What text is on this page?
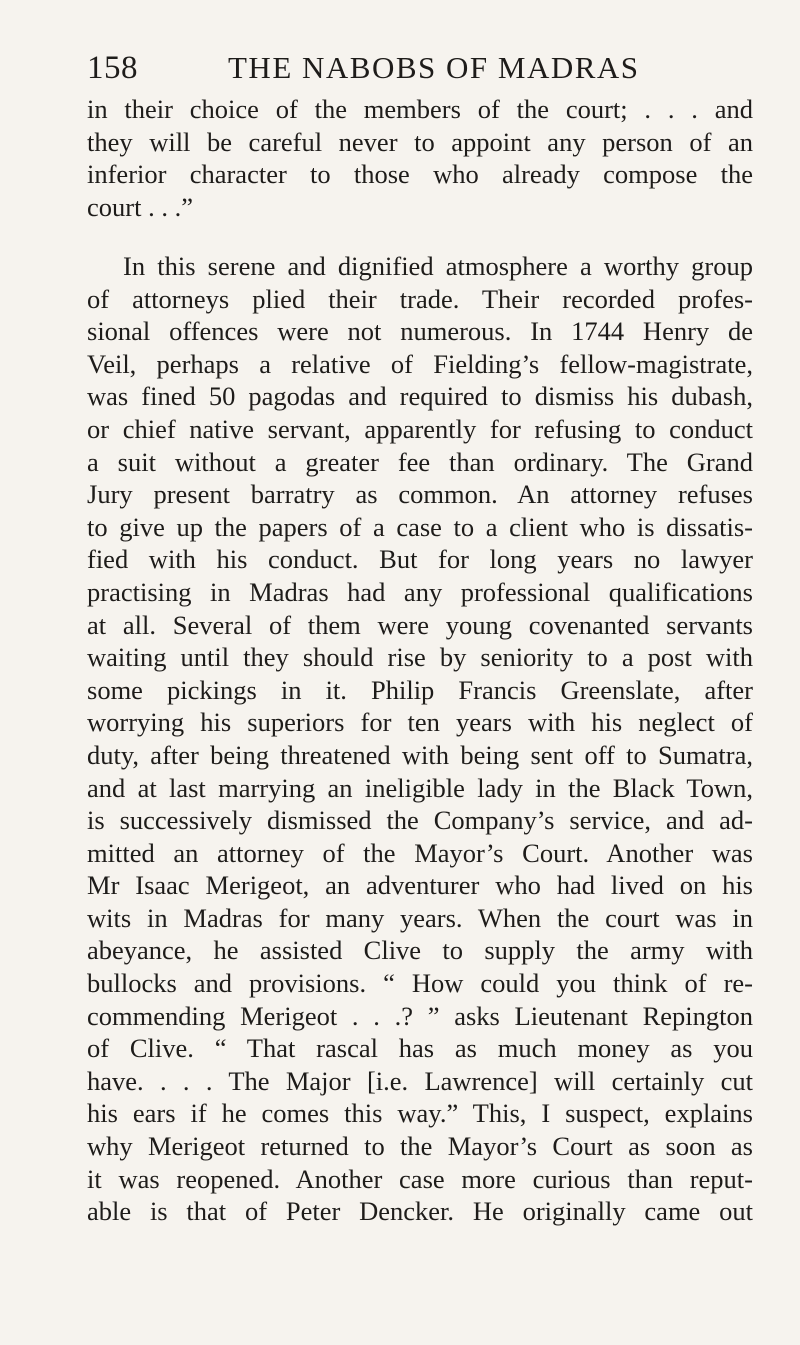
158	THE NABOBS OF MADRAS
in their choice of the members of the court; . . . and
they will be careful never to appoint any person of an
inferior character to those who already compose the
court . . .”
In this serene and dignified atmosphere a worthy group
of attorneys plied their trade. Their recorded profes-
sional offences were not numerous. In 1744 Henry de
Veil, perhaps a relative of Fielding’s fellow-magistrate,
was fined 50 pagodas and required to dismiss his dubash,
or chief native servant, apparently for refusing to conduct
a suit without a greater fee than ordinary. The Grand
Jury present barratry as common. An attorney refuses
to give up the papers of a case to a client who is dissatis-
fied with his conduct. But for long years no lawyer
practising in Madras had any professional qualifications
at all. Several of them were young covenanted servants
waiting until they should rise by seniority to a post with
some pickings in it. Philip Francis Greenslate, after
worrying his superiors for ten years with his neglect of
duty, after being threatened with being sent off to Sumatra,
and at last marrying an ineligible lady in the Black Town,
is successively dismissed the Company’s service, and ad-
mitted an attorney of the Mayor’s Court. Another was
Mr Isaac Merigeot, an adventurer who had lived on his
wits in Madras for many years. When the court was in
abeyance, he assisted Clive to supply the army with
bullocks and provisions. “ How could you think of re-
commending Merigeot . . .? ” asks Lieutenant Repington
of Clive. “ That rascal has as much money as you
have. . . . The Major [i.e. Lawrence] will certainly cut
his ears if he comes this way.” This, I suspect, explains
why Merigeot returned to the Mayor’s Court as soon as
it was reopened. Another case more curious than reput-
able is that of Peter Dencker. He originally came out
